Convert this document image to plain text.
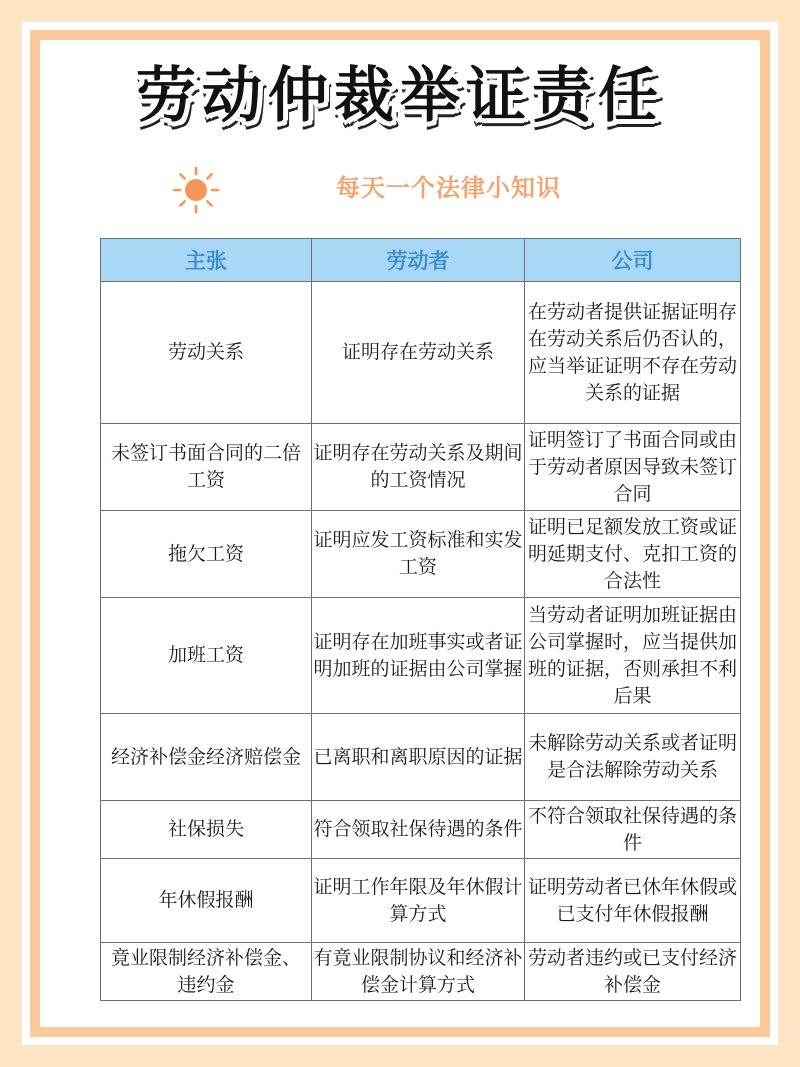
劳动仲裁举证责任
每天一个法律小知识
主张	劳动者	公司
劳动关系	证明存在劳动关系	在劳动者提供证据证明存在劳动关系后仍否认的，应当举证证明不存在劳动关系的证据
未签订书面合同的二倍工资	证明存在劳动关系及期间的工资情况	证明签订了书面合同或由于劳动者原因导致未签订合同
拖欠工资	证明应发工资标准和实发工资	证明已足额发放工资或证明延期支付、克扣工资的合法性
加班工资	证明存在加班事实或者证明加班的证据由公司掌握	当劳动者证明加班证据由公司掌握时，应当提供加班的证据，否则承担不利后果
经济补偿金经济赔偿金	已离职和离职原因的证据	未解除劳动关系或者证明是合法解除劳动关系
社保损失	符合领取社保待遇的条件	不符合领取社保待遇的条件
年休假报酬	证明工作年限及年休假计算方式	证明劳动者已休年休假或已支付年休假报酬
竟业限制经济补偿金、违约金	有竟业限制协议和经济补偿金计算方式	劳动者违约或已支付经济补偿金
